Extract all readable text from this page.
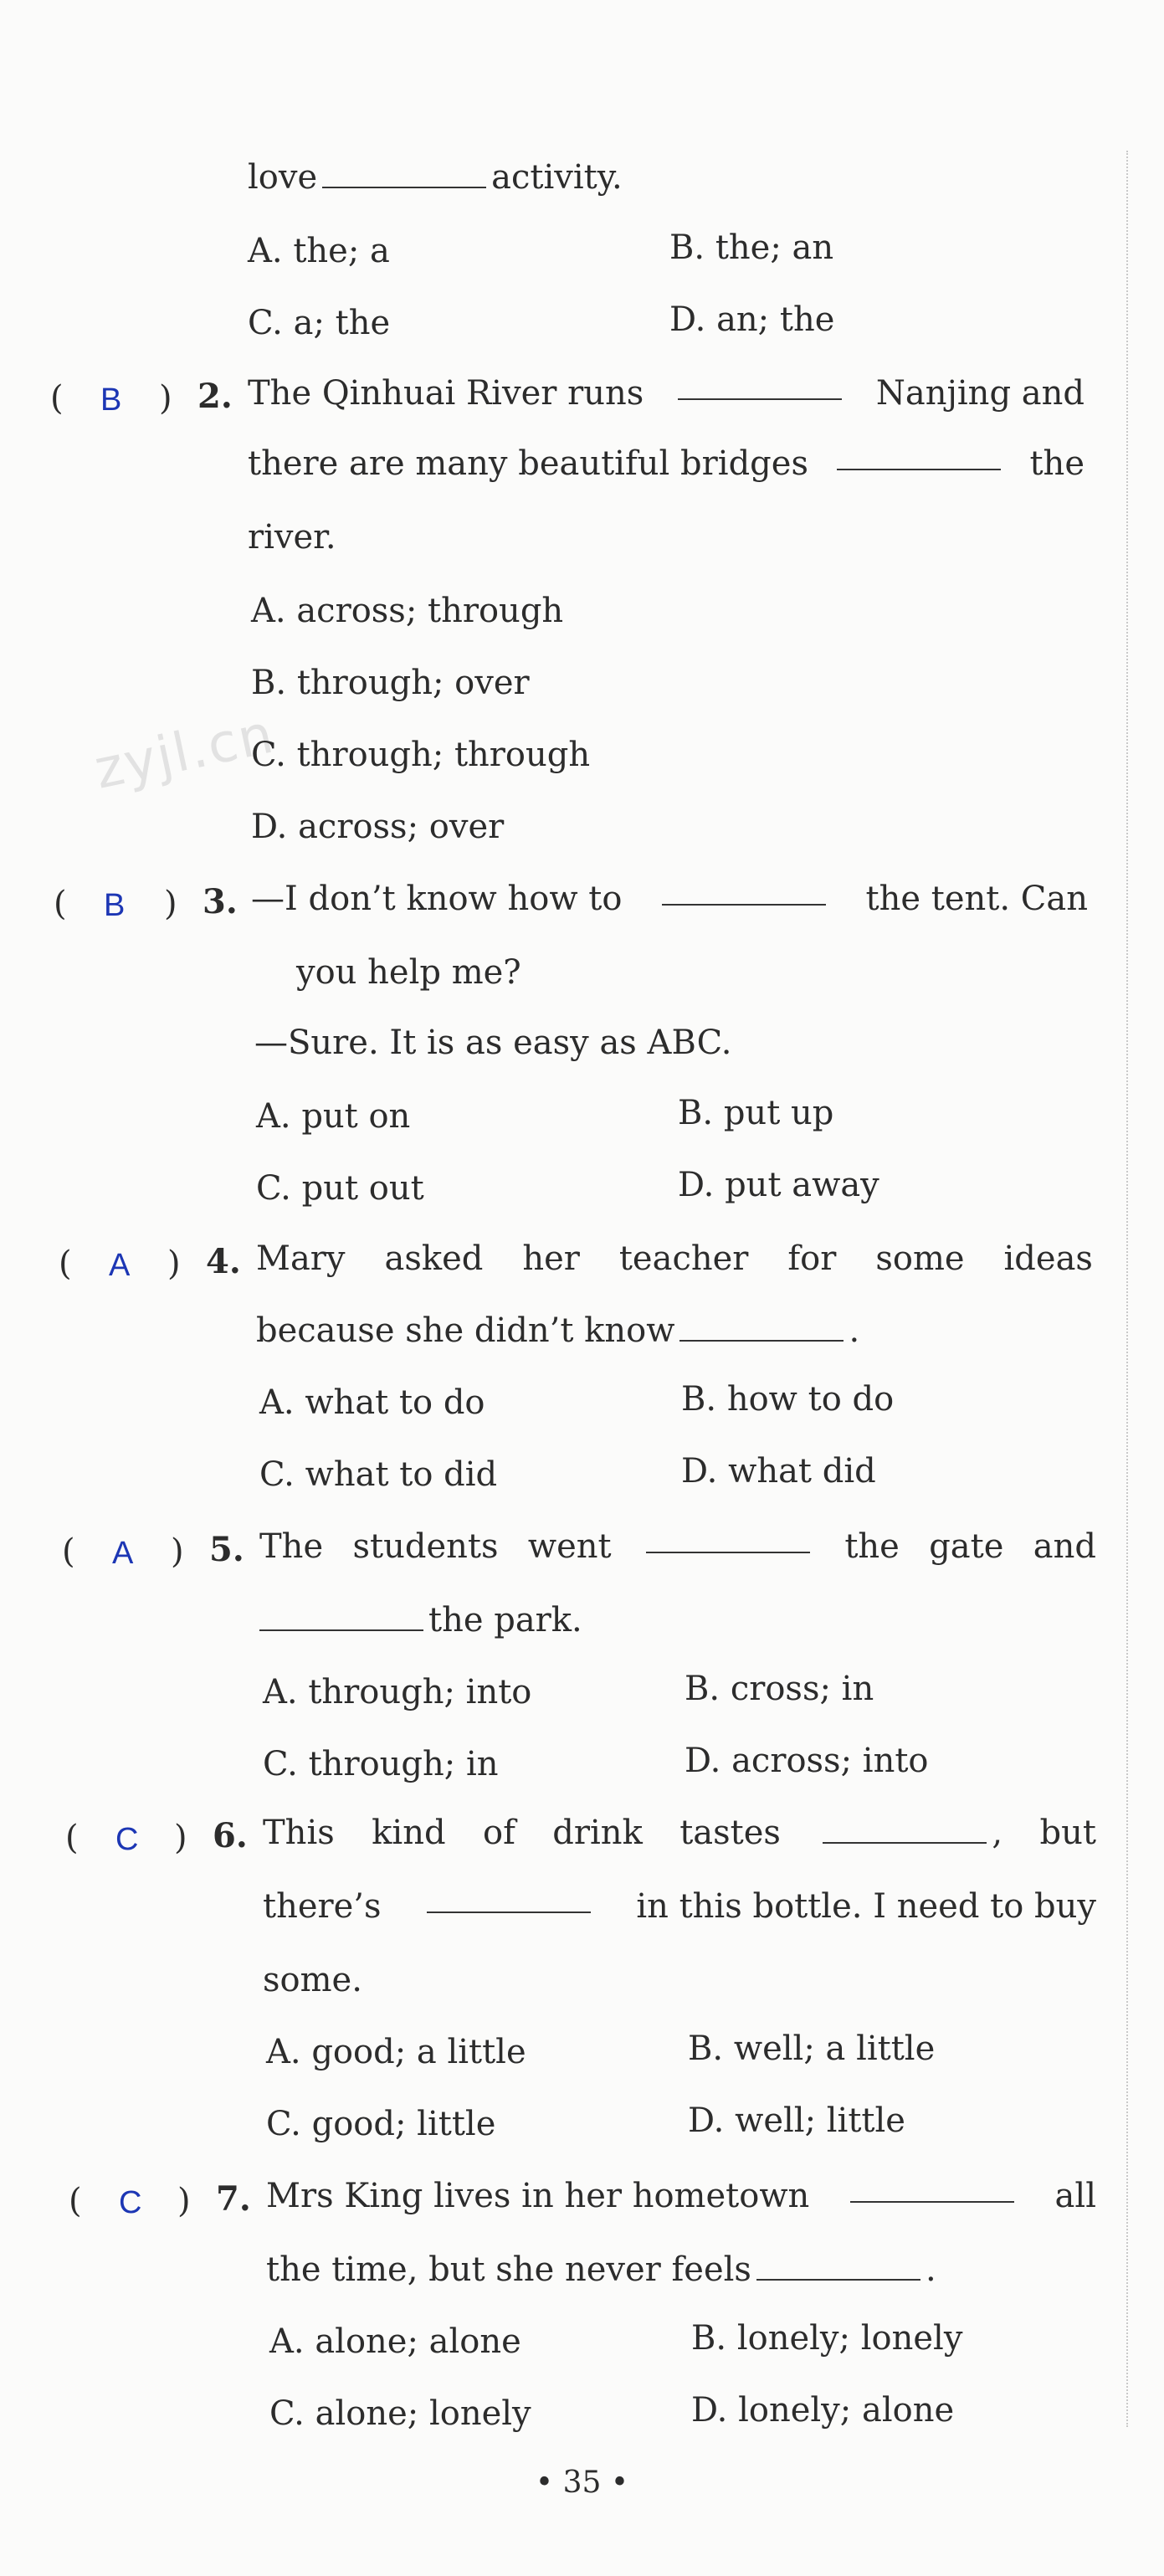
zyjl.cn
love	activity.
A. the; a	B. the; an
C. a; the	D. an; the
( B ) 2. The Qinhuai River runs	Nanjing and
there are many beautiful bridges	the
river.
A. across; through
B. through; over
C. through; through
D. across; over
( B ) 3. —I don’t know how to	the tent. Can
you help me?
—Sure. It is as easy as ABC.
A. put on	B. put up
C. put out	D. put away
( A ) 4. Mary asked her teacher for some ideas
because she didn’t know	.
A. what to do	B. how to do
C. what to did	D. what did
( A ) 5. The students went	the gate and
the park.
A. through; into	B. cross; in
C. through; in	D. across; into
( C ) 6. This kind of drink tastes	, but
there’s	in this bottle. I need to buy
some.
A. good; a little	B. well; a little
C. good; little	D. well; little
( C ) 7. Mrs King lives in her hometown	all
the time, but she never feels	.
A. alone; alone	B. lonely; lonely
C. alone; lonely	D. lonely; alone
• 35 •
